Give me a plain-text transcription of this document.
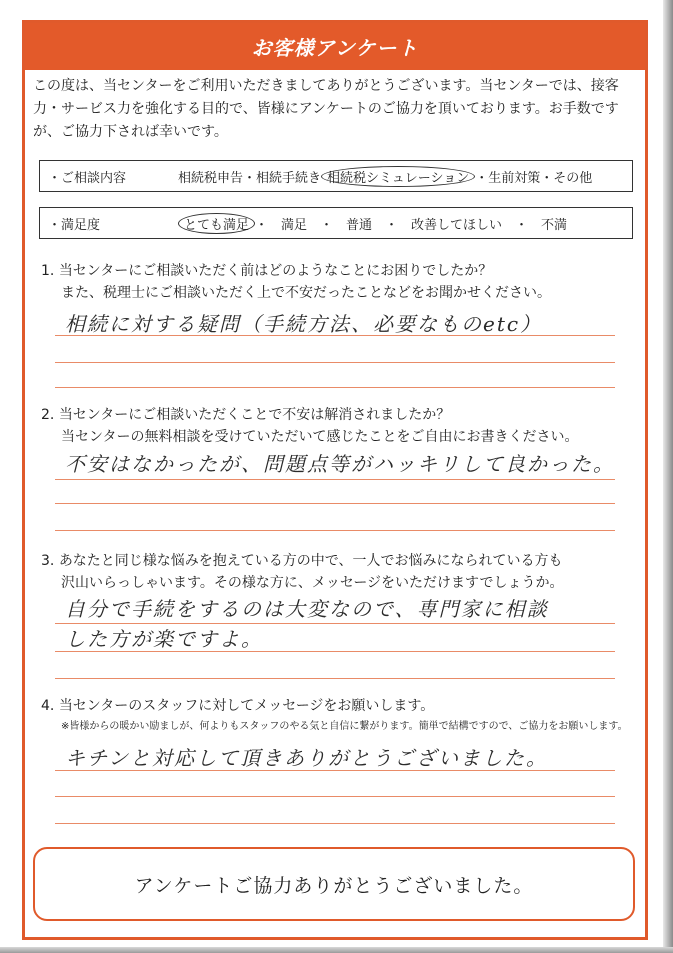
お客様アンケート
この度は、当センターをご利用いただきましてありがとうございます。当センターでは、接客力・サービス力を強化する目的で、皆様にアンケートのご協力を頂いております。お手数ですが、ご協力下されば幸いです。
・ご相談内容	相続税申告・相続手続き 相続税シミュレーション ・生前対策・その他
・満足度	とても満足 ・　満足　・　普通　・　改善してほしい　・　不満
1. 当センターにご相談いただく前はどのようなことにお困りでしたか？
また、税理士にご相談いただく上で不安だったことなどをお聞かせください。
相続に対する疑問（手続方法、必要なものetc）
2. 当センターにご相談いただくことで不安は解消されましたか？
当センターの無料相談を受けていただいて感じたことをご自由にお書きください。
不安はなかったが、問題点等がハッキリして良かった。
3. あなたと同じ様な悩みを抱えている方の中で、一人でお悩みになられている方も
沢山いらっしゃいます。その様な方に、メッセージをいただけますでしょうか。
自分で手続をするのは大変なので、専門家に相談
した方が楽ですよ。
4. 当センターのスタッフに対してメッセージをお願いします。
※皆様からの暖かい励ましが、何よりもスタッフのやる気と自信に繋がります。簡単で結構ですので、ご協力をお願いします。
キチンと対応して頂きありがとうございました。
アンケートご協力ありがとうございました。
